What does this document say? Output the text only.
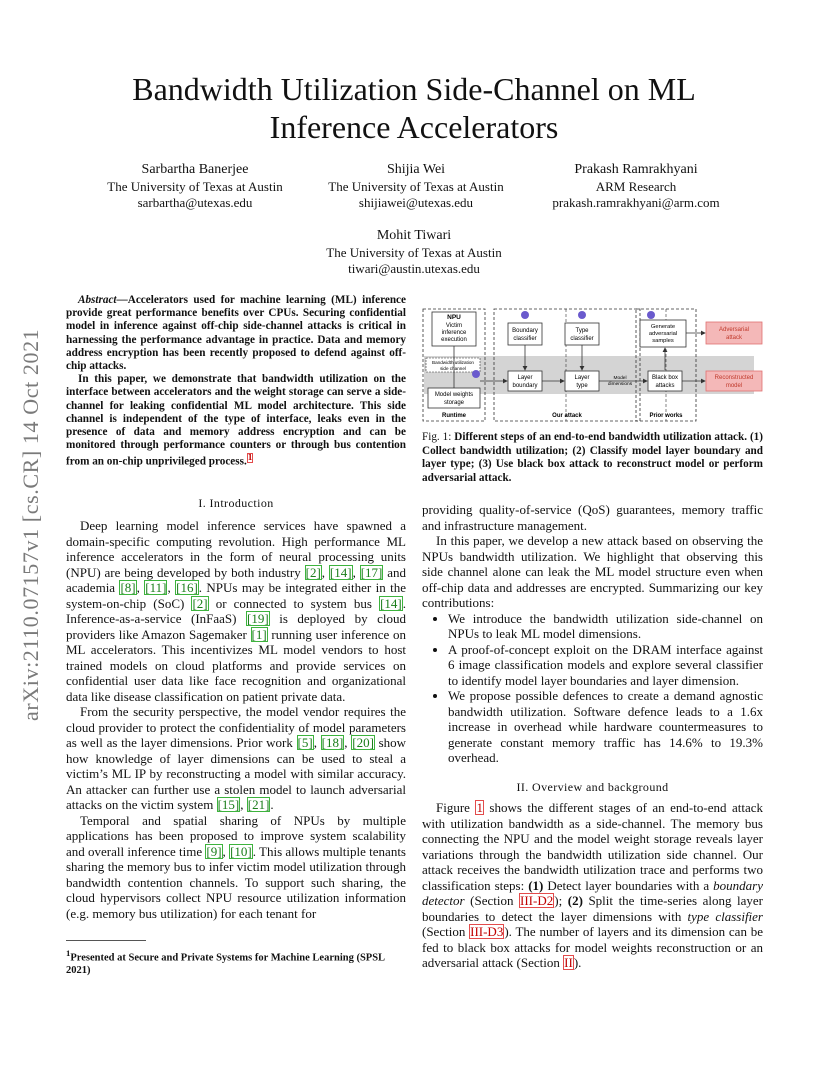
arXiv:2110.07157v1 [cs.CR] 14 Oct 2021
Bandwidth Utilization Side-Channel on ML Inference Accelerators
Sarbartha Banerjee
The University of Texas at Austin
sarbartha@utexas.edu
Shijia Wei
The University of Texas at Austin
shijiawei@utexas.edu
Prakash Ramrakhyani
ARM Research
prakash.ramrakhyani@arm.com
Mohit Tiwari
The University of Texas at Austin
tiwari@austin.utexas.edu

Abstract—Accelerators used for machine learning (ML) inference provide great performance benefits over CPUs. Securing confidential model in inference against off-chip side-channel attacks is critical in harnessing the performance advantage in practice. Data and memory address encryption has been recently proposed to defend against off-chip attacks.

In this paper, we demonstrate that bandwidth utilization on the interface between accelerators and the weight storage can serve a side-channel for leaking confidential ML model architecture. This side channel is independent of the type of interface, leaks even in the presence of data and memory address encryption and can be monitored through performance counters or through bus contention from an on-chip unprivileged process.$^1$

I. Introduction

Deep learning model inference services have spawned a domain-specific computing revolution. High performance ML inference accelerators in the form of neural processing units (NPU) are being developed by both industry [2], [14], [17] and academia [8], [11], [16]. NPUs may be integrated either in the system-on-chip (SoC) [2] or connected to system bus [14]. Inference-as-a-service (InFaaS) [19] is deployed by cloud providers like Amazon Sagemaker [1] running user inference on ML accelerators. This incentivizes ML model vendors to host trained models on cloud platforms and provide services on confidential user data like face recognition and organizational data like disease classification on patient private data.

From the security perspective, the model vendor requires the cloud provider to protect the confidentiality of model parameters as well as the layer dimensions. Prior work [5], [18], [20] show how knowledge of layer dimensions can be used to steal a victim’s ML IP by reconstructing a model with similar accuracy. An attacker can further use a stolen model to launch adversarial attacks on the victim system [15], [21].

Temporal and spatial sharing of NPUs by multiple applications has been proposed to improve system scalability and overall inference time [9], [10]. This allows multiple tenants sharing the memory bus to infer victim model utilization through bandwidth contention channels. To support such sharing, the cloud hypervisors collect NPU resource utilization information (e.g. memory bus utilization) for each tenant for

$^1$Presented at Secure and Private Systems for Machine Learning (SPSL 2021)
NPU
Victim
inference
execution
Bandwidth utilization
side channel
Model weights
storage
Runtime
Boundary
classifier
Type
classifier
Layer
boundary
Layer
type
Model
dimensions
Our attack
Generate
adversarial
samples
Black box
attacks
Prior works
Adversarial
attack
Reconstructed
model
Fig. 1: Different steps of an end-to-end bandwidth utilization attack. (1) Collect bandwidth utilization; (2) Classify model layer boundary and layer type; (3) Use black box attack to reconstruct model or perform adversarial attack.

providing quality-of-service (QoS) guarantees, memory traffic and infrastructure management.

In this paper, we develop a new attack based on observing the NPUs bandwidth utilization. We highlight that observing this side channel alone can leak the ML model structure even when off-chip data and addresses are encrypted. Summarizing our key contributions:

• We introduce the bandwidth utilization side-channel on NPUs to leak ML model dimensions.
• A proof-of-concept exploit on the DRAM interface against 6 image classification models and explore several classifier to identify model layer boundaries and layer dimension.
• We propose possible defences to create a demand agnostic bandwidth utilization. Software defence leads to a 1.6x increase in overhead while hardware countermeasures to generate constant memory traffic has 14.6% to 19.3% overhead.
II. Overview and background

Figure 1 shows the different stages of an end-to-end attack with utilization bandwidth as a side-channel. The memory bus connecting the NPU and the model weight storage reveals layer variations through the bandwidth utilization side channel. Our attack receives the bandwidth utilization trace and performs two classification steps: (1) Detect layer boundaries with a boundary detector (Section III-D2); (2) Split the time-series along layer boundaries to detect the layer dimensions with type classifier (Section III-D3). The number of layers and its dimension can be fed to black box attacks for model weights reconstruction or an adversarial attack (Section II).
